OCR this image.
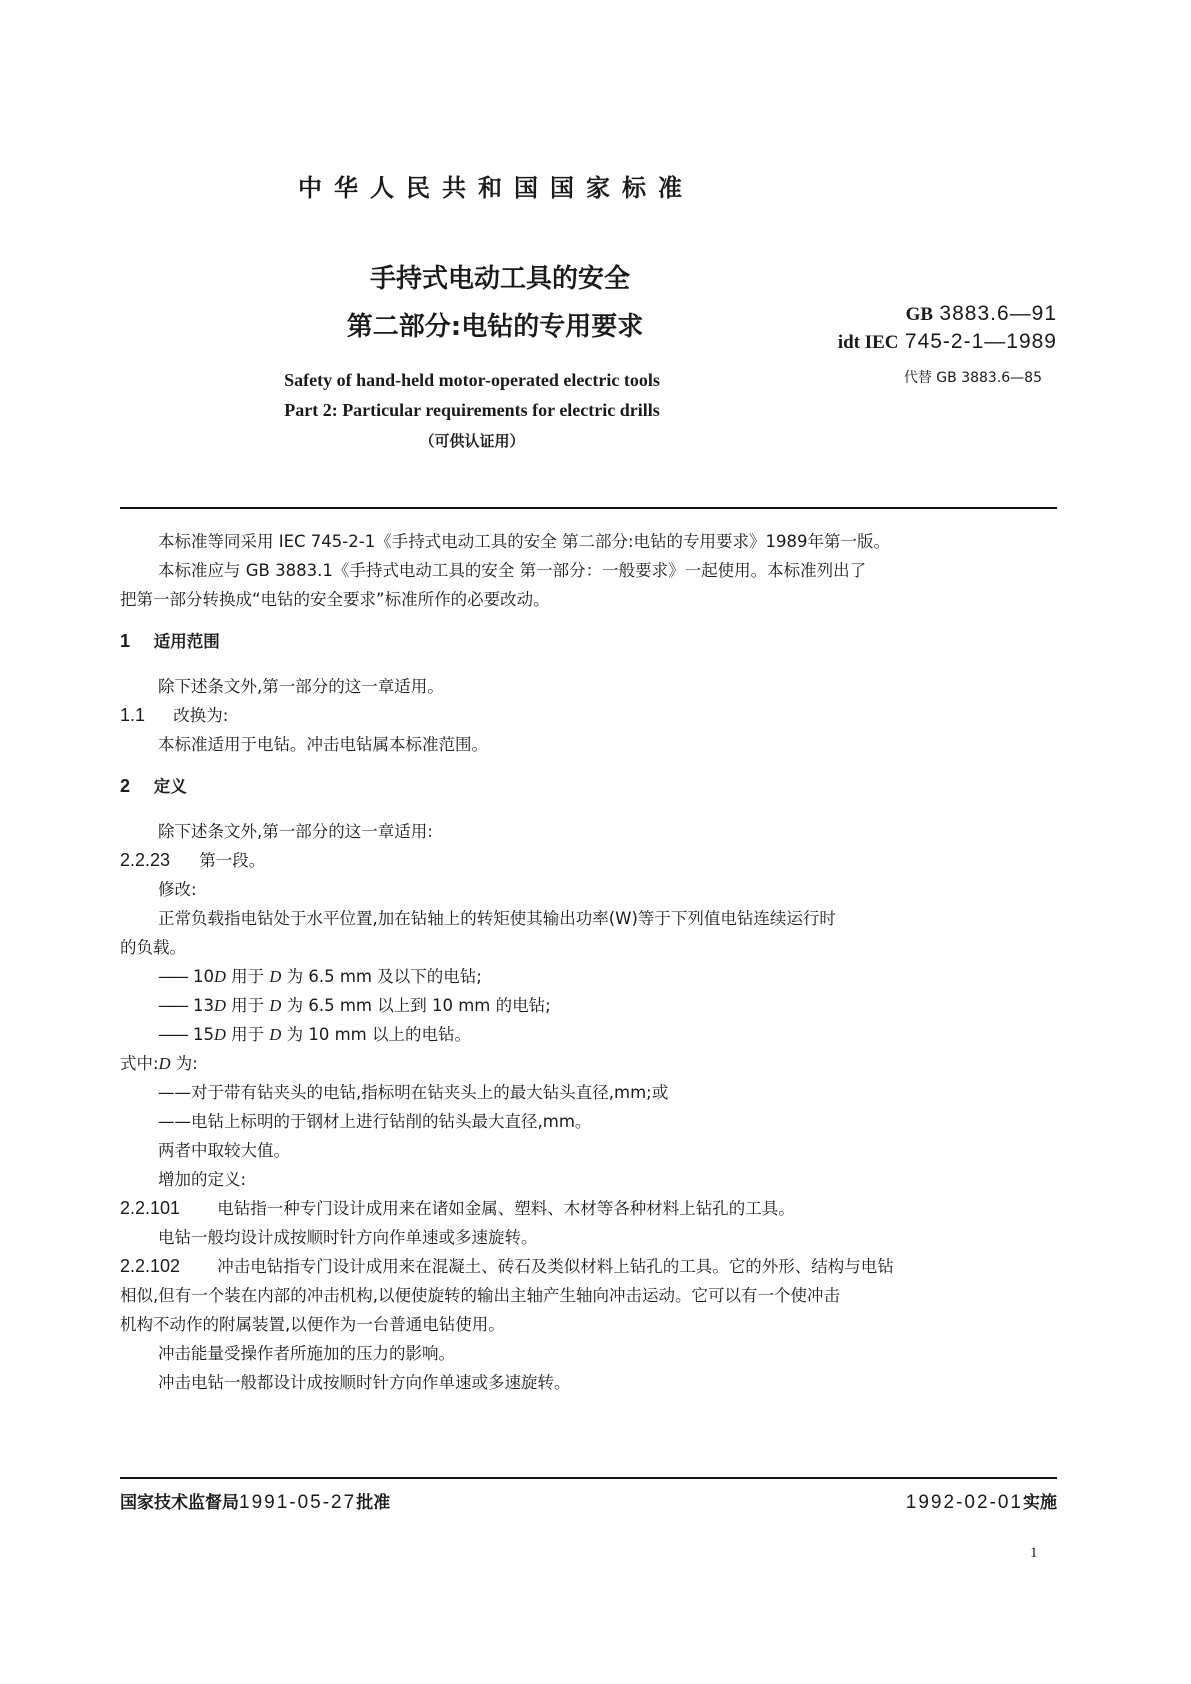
中华人民共和国国家标准
手持式电动工具的安全
第二部分:电钻的专用要求	GB 3883.6—91
idt IEC 745-2-1—1989
代替 GB 3883.6—85
Safety of hand-held motor-operated electric tools
Part 2: Particular requirements for electric drills
（可供认证用）
本标准等同采用 IEC 745-2-1《手持式电动工具的安全 第二部分:电钻的专用要求》1989年第一版。
本标准应与 GB 3883.1《手持式电动工具的安全 第一部分：一般要求》一起使用。本标准列出了
把第一部分转换成“电钻的安全要求”标准所作的必要改动。
1 适用范围
除下述条文外,第一部分的这一章适用。
1.1 改换为:
本标准适用于电钻。冲击电钻属本标准范围。
2 定义
除下述条文外,第一部分的这一章适用:
2.2.23 第一段。
修改:
正常负载指电钻处于水平位置,加在钻轴上的转矩使其输出功率(W)等于下列值电钻连续运行时
的负载。
—— 10D 用于 D 为 6.5 mm 及以下的电钻;
—— 13D 用于 D 为 6.5 mm 以上到 10 mm 的电钻;
—— 15D 用于 D 为 10 mm 以上的电钻。
式中:D 为:
——对于带有钻夹头的电钻,指标明在钻夹头上的最大钻头直径,mm;或
——电钻上标明的于钢材上进行钻削的钻头最大直径,mm。
两者中取较大值。
增加的定义:
2.2.101 电钻指一种专门设计成用来在诸如金属、塑料、木材等各种材料上钻孔的工具。
电钻一般均设计成按顺时针方向作单速或多速旋转。
2.2.102 冲击电钻指专门设计成用来在混凝土、砖石及类似材料上钻孔的工具。它的外形、结构与电钻
相似,但有一个装在内部的冲击机构,以便使旋转的输出主轴产生轴向冲击运动。它可以有一个使冲击
机构不动作的附属装置,以便作为一台普通电钻使用。
冲击能量受操作者所施加的压力的影响。
冲击电钻一般都设计成按顺时针方向作单速或多速旋转。
国家技术监督局1991-05-27批准	1992-02-01实施
1
